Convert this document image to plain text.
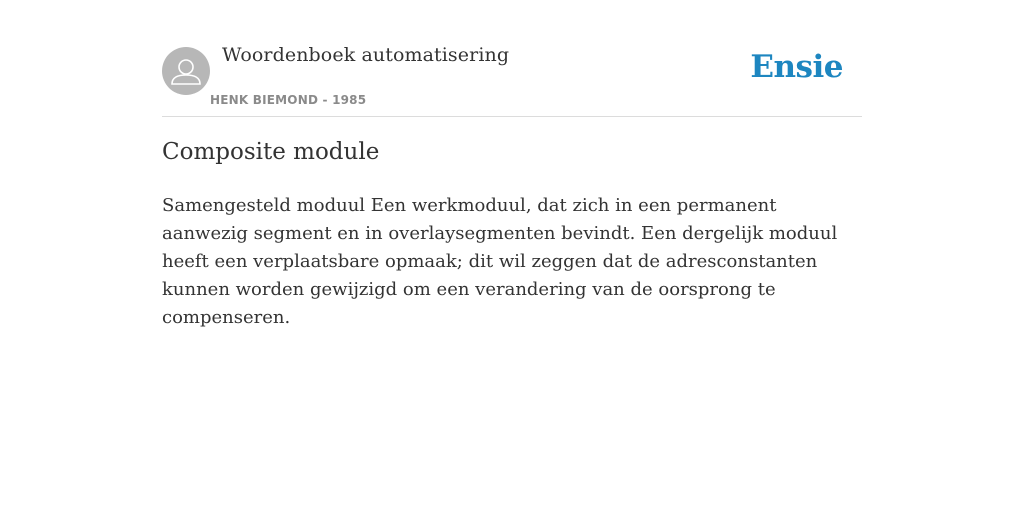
Woordenboek automatisering
HENK BIEMOND - 1985
Ensie
Composite module

Samengesteld moduul Een werkmoduul, dat zich in een permanent aanwezig segment en in overlaysegmenten bevindt. Een dergelijk moduul heeft een verplaatsbare opmaak; dit wil zeggen dat de adresconstanten kunnen worden gewijzigd om een verandering van de oorsprong te compenseren.
